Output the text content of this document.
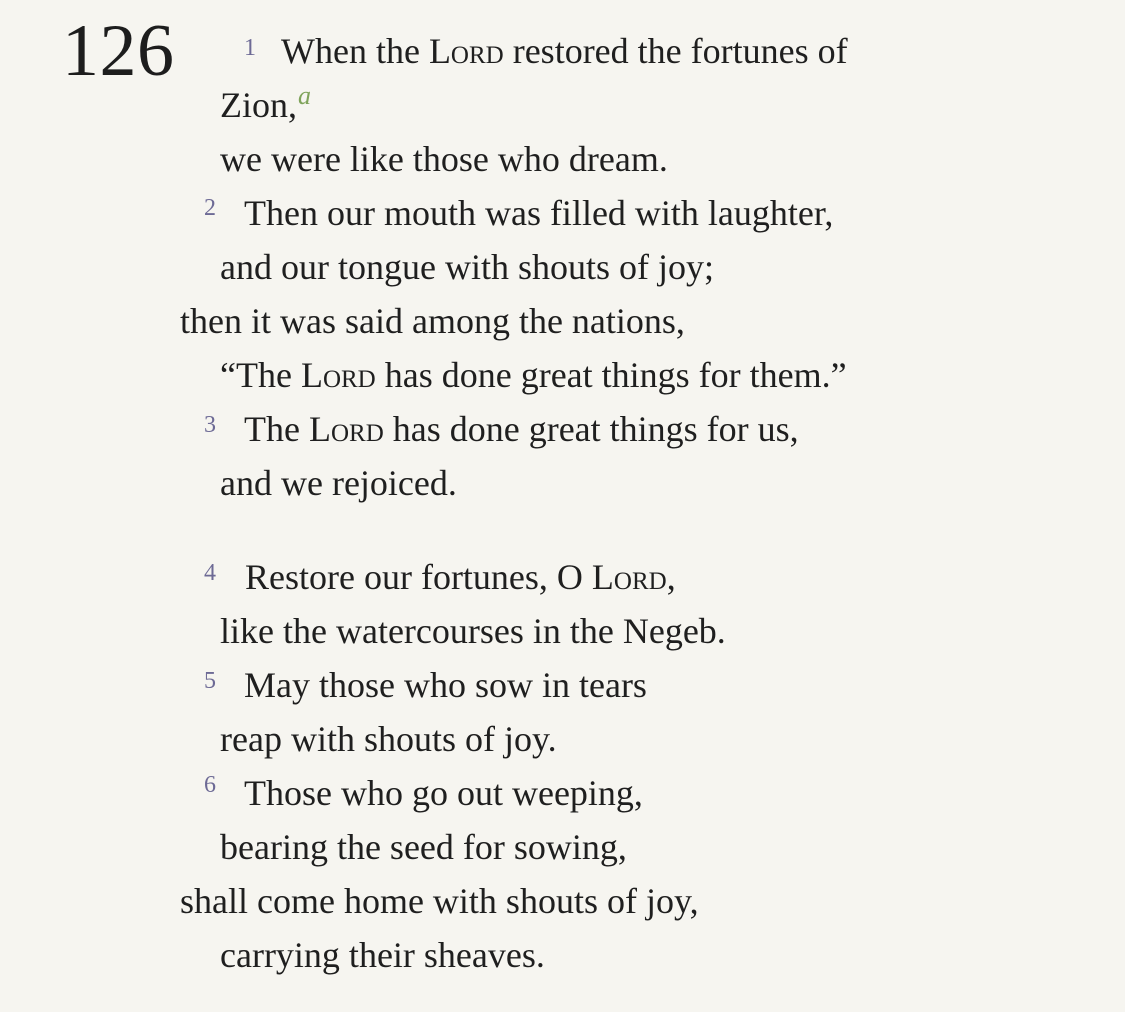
126	1 When the Lord restored the fortunes of
Zion,$^a$
we were like those who dream.
2 Then our mouth was filled with laughter,
and our tongue with shouts of joy;
then it was said among the nations,
“The Lord has done great things for them.”
3 The Lord has done great things for us,
and we rejoiced.
4 Restore our fortunes, O Lord,
like the watercourses in the Negeb.
5 May those who sow in tears
reap with shouts of joy.
6 Those who go out weeping,
bearing the seed for sowing,
shall come home with shouts of joy,
carrying their sheaves.
